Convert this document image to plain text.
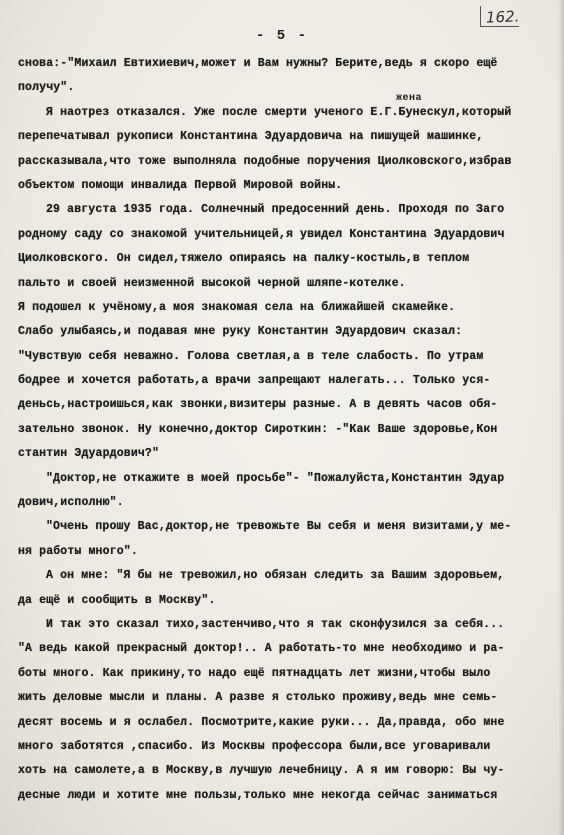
162.
- 5 -
жена
снова:-"Михаил Евтихиевич,может и Вам нужны? Берите,ведь я скоро ещё
получу".
Я наотрез отказался. Уже после смерти ученого Е.Г.Бунескул,который
перепечатывал рукописи Константина Эдуардовича на пишущей машинке,
рассказывала,что тоже выполняла подобные поручения Циолковского,избрав
объектом помощи инвалида Первой Мировой войны.
29 августа 1935 года. Солнечный предосенний день. Проходя по Заго
родному саду со знакомой учительницей,я увидел Константина Эдуардович
Циолковского. Он сидел,тяжело опираясь на палку-костыль,в теплом
пальто и своей неизменной высокой черной шляпе-котелке.
Я подошел к учёному,а моя знакомая села на ближайшей скамейке.
Слабо улыбаясь,и подавая мне руку Константин Эдуардович сказал:
"Чувствую себя неважно. Голова светлая,а в теле слабость. По утрам
бодрее и хочется работать,а врачи запрещают налегать... Только уся-
деньсь,настроишься,как звонки,визитеры разные. А в девять часов обя-
зательно звонок. Ну конечно,доктор Сироткин: -"Как Ваше здоровье,Кон
стантин Эдуардович?"
"Доктор,не откажите в моей просьбе"- "Пожалуйста,Константин Эдуар
дович,исполню".
"Очень прошу Вас,доктор,не тревожьте Вы себя и меня визитами,у ме-
ня работы много".
А он мне: "Я бы не тревожил,но обязан следить за Вашим здоровьем,
да ещё и сообщить в Москву".
И так это сказал тихо,застенчиво,что я так сконфузился за себя...
"А ведь какой прекрасный доктор!.. А работать-то мне необходимо и ра-
боты много. Как прикину,то надо ещё пятнадцать лет жизни,чтобы выло
жить деловые мысли и планы. А разве я столько проживу,ведь мне семь-
десят восемь и я ослабел. Посмотрите,какие руки... Да,правда, обо мне
много заботятся ,спасибо. Из Москвы профессора были,все уговаривали
хоть на самолете,а в Москву,в лучшую лечебницу. А я им говорю: Вы чу-
десные люди и хотите мне пользы,только мне некогда сейчас заниматься
